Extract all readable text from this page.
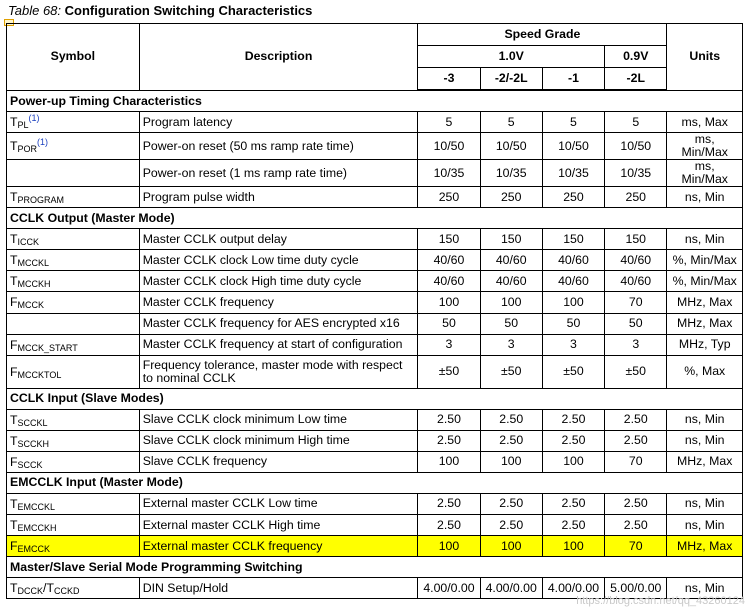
Table 68: Configuration Switching Characteristics
Symbol	Description	Speed Grade				Units
		1.0V			0.9V	
		-3	-2/-2L	-1	-2L	
Power-up Timing Characteristics						
$T_{PL}^{(1)}$	Program latency	5	5	5	5	ms, Max
$T_{POR}^{(1)}$	Power-on reset (50 ms ramp rate time)	10/50	10/50	10/50	10/50	ms, Min/Max
	Power-on reset (1 ms ramp rate time)	10/35	10/35	10/35	10/35	ms, Min/Max
$T_{PROGRAM}$	Program pulse width	250	250	250	250	ns, Min
CCLK Output (Master Mode)						
$T_{ICCK}$	Master CCLK output delay	150	150	150	150	ns, Min
$T_{MCCKL}$	Master CCLK clock Low time duty cycle	40/60	40/60	40/60	40/60	%, Min/Max
$T_{MCCKH}$	Master CCLK clock High time duty cycle	40/60	40/60	40/60	40/60	%, Min/Max
$F_{MCCK}$	Master CCLK frequency	100	100	100	70	MHz, Max
	Master CCLK frequency for AES encrypted x16	50	50	50	50	MHz, Max
$F_{MCCK\_START}$	Master CCLK frequency at start of configuration	3	3	3	3	MHz, Typ
$F_{MCCKTOL}$	Frequency tolerance, master mode with respect to nominal CCLK	±50	±50	±50	±50	%, Max
CCLK Input (Slave Modes)						
$T_{SCCKL}$	Slave CCLK clock minimum Low time	2.50	2.50	2.50	2.50	ns, Min
$T_{SCCKH}$	Slave CCLK clock minimum High time	2.50	2.50	2.50	2.50	ns, Min
$F_{SCCK}$	Slave CCLK frequency	100	100	100	70	MHz, Max
EMCCLK Input (Master Mode)						
$T_{EMCCKL}$	External master CCLK Low time	2.50	2.50	2.50	2.50	ns, Min
$T_{EMCCKH}$	External master CCLK High time	2.50	2.50	2.50	2.50	ns, Min
$F_{EMCCK}$	External master CCLK frequency	100	100	100	70	MHz, Max
Master/Slave Serial Mode Programming Switching						
$T_{DCCK}/T_{CCKD}$	DIN Setup/Hold	4.00/0.00	4.00/0.00	4.00/0.00	5.00/0.00	ns, Min
https://blog.csdn.net/qq_43260124
